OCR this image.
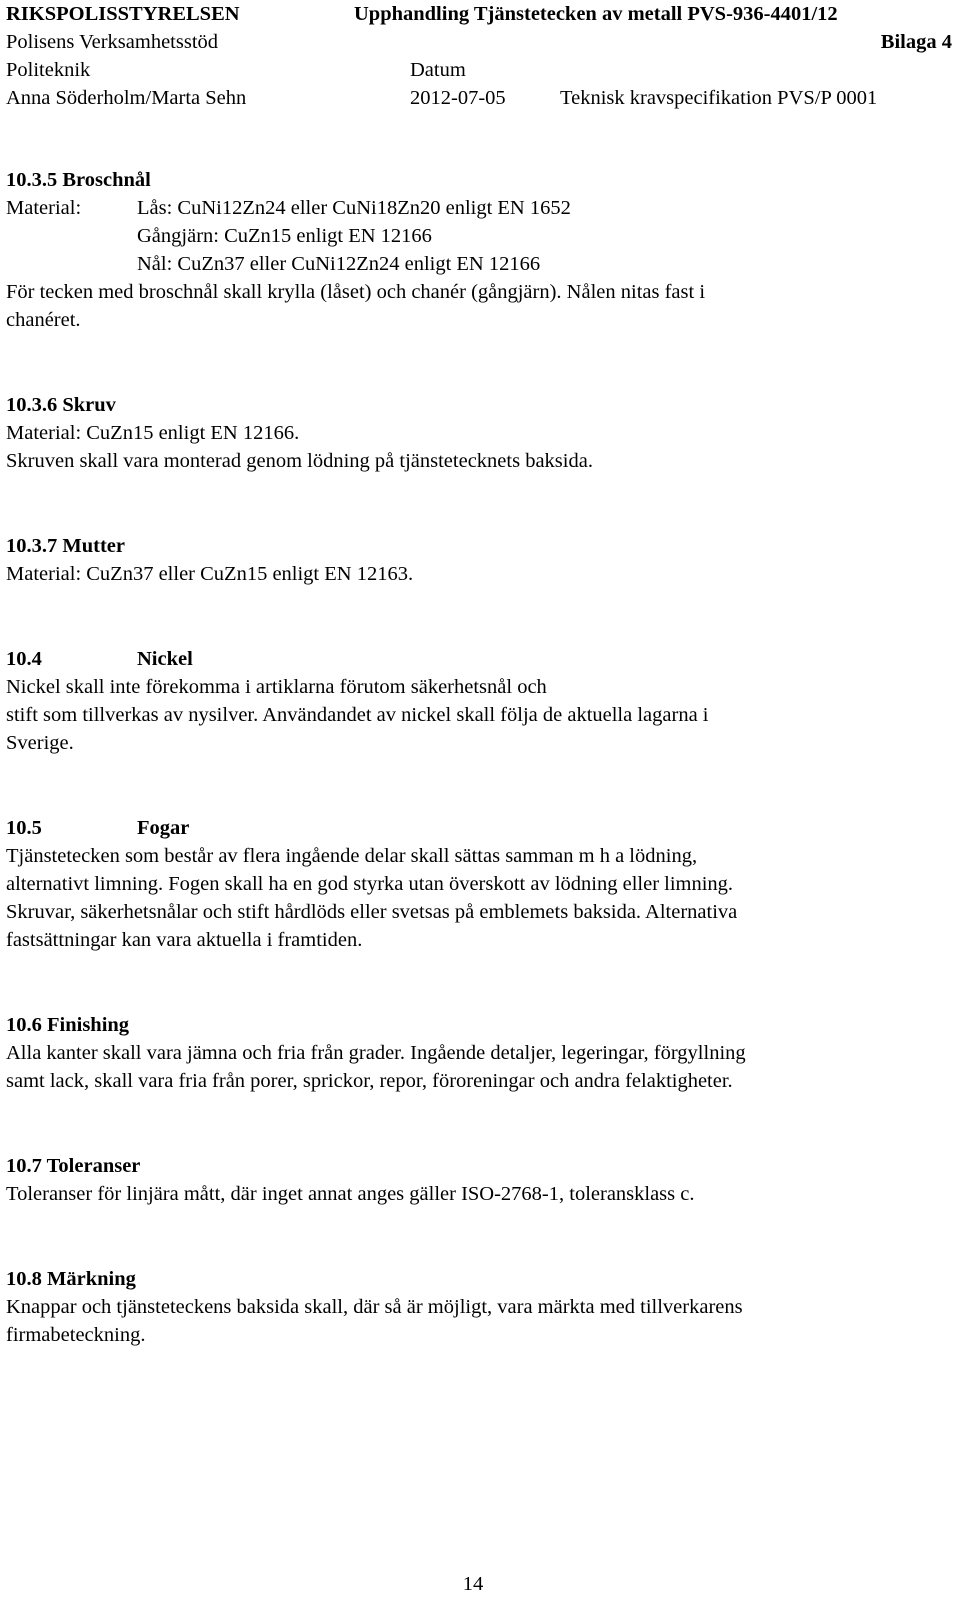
RIKSPOLISSTYRELSEN	Upphandling Tjänstetecken av metall PVS-936-4401/12
Polisens Verksamhetsstöd	Bilaga 4
Politeknik	Datum
Anna Söderholm/Marta Sehn	2012-07-05	Teknisk kravspecifikation PVS/P 0001
10.3.5 Broschnål
Material:	Lås: CuNi12Zn24 eller CuNi18Zn20 enligt EN 1652
Gångjärn: CuZn15 enligt EN 12166
Nål: CuZn37 eller CuNi12Zn24 enligt EN 12166

För tecken med broschnål skall krylla (låset) och chanér (gångjärn). Nålen nitas fast i

chanéret.

10.3.6 Skruv

Material: CuZn15 enligt EN 12166.

Skruven skall vara monterad genom lödning på tjänstetecknets baksida.

10.3.7 Mutter

Material: CuZn37 eller CuZn15 enligt EN 12163.

10.4	Nickel

Nickel skall inte förekomma i artiklarna förutom säkerhetsnål och

stift som tillverkas av nysilver. Användandet av nickel skall följa de aktuella lagarna i

Sverige.

10.5	Fogar

Tjänstetecken som består av flera ingående delar skall sättas samman m h a lödning,

alternativt limning. Fogen skall ha en god styrka utan överskott av lödning eller limning.

Skruvar, säkerhetsnålar och stift hårdlöds eller svetsas på emblemets baksida. Alternativa

fastsättningar kan vara aktuella i framtiden.

10.6 Finishing

Alla kanter skall vara jämna och fria från grader. Ingående detaljer, legeringar, förgyllning

samt lack, skall vara fria från porer, sprickor, repor, föroreningar och andra felaktigheter.

10.7 Toleranser

Toleranser för linjära mått, där inget annat anges gäller ISO-2768-1, toleransklass c.

10.8 Märkning

Knappar och tjänsteteckens baksida skall, där så är möjligt, vara märkta med tillverkarens

firmabeteckning.

14
